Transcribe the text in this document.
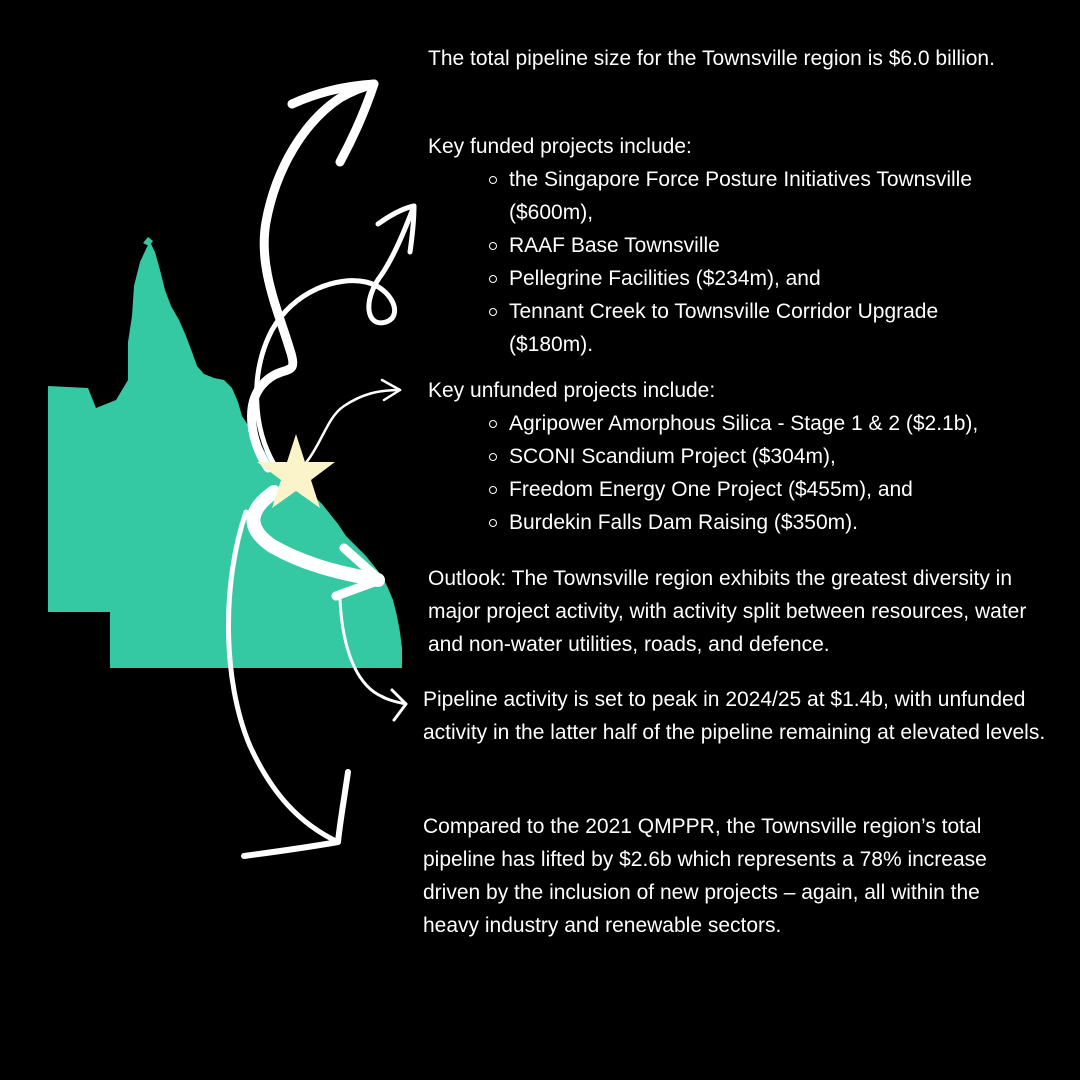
The total pipeline size for the Townsville region is $6.0 billion.

Key funded projects include:

the Singapore Force Posture Initiatives Townsville ($600m),
RAAF Base Townsville
Pellegrine Facilities ($234m), and
Tennant Creek to Townsville Corridor Upgrade ($180m).

Key unfunded projects include:

Agripower Amorphous Silica - Stage 1 & 2 ($2.1b),
SCONI Scandium Project ($304m),
Freedom Energy One Project ($455m), and
Burdekin Falls Dam Raising ($350m).

Outlook: The Townsville region exhibits the greatest diversity in major project activity, with activity split between resources, water and non-water utilities, roads, and defence.

Pipeline activity is set to peak in 2024/25 at $1.4b, with unfunded activity in the latter half of the pipeline remaining at elevated levels.

Compared to the 2021 QMPPR, the Townsville region’s total pipeline has lifted by $2.6b which represents a 78% increase driven by the inclusion of new projects – again, all within the heavy industry and renewable sectors.
